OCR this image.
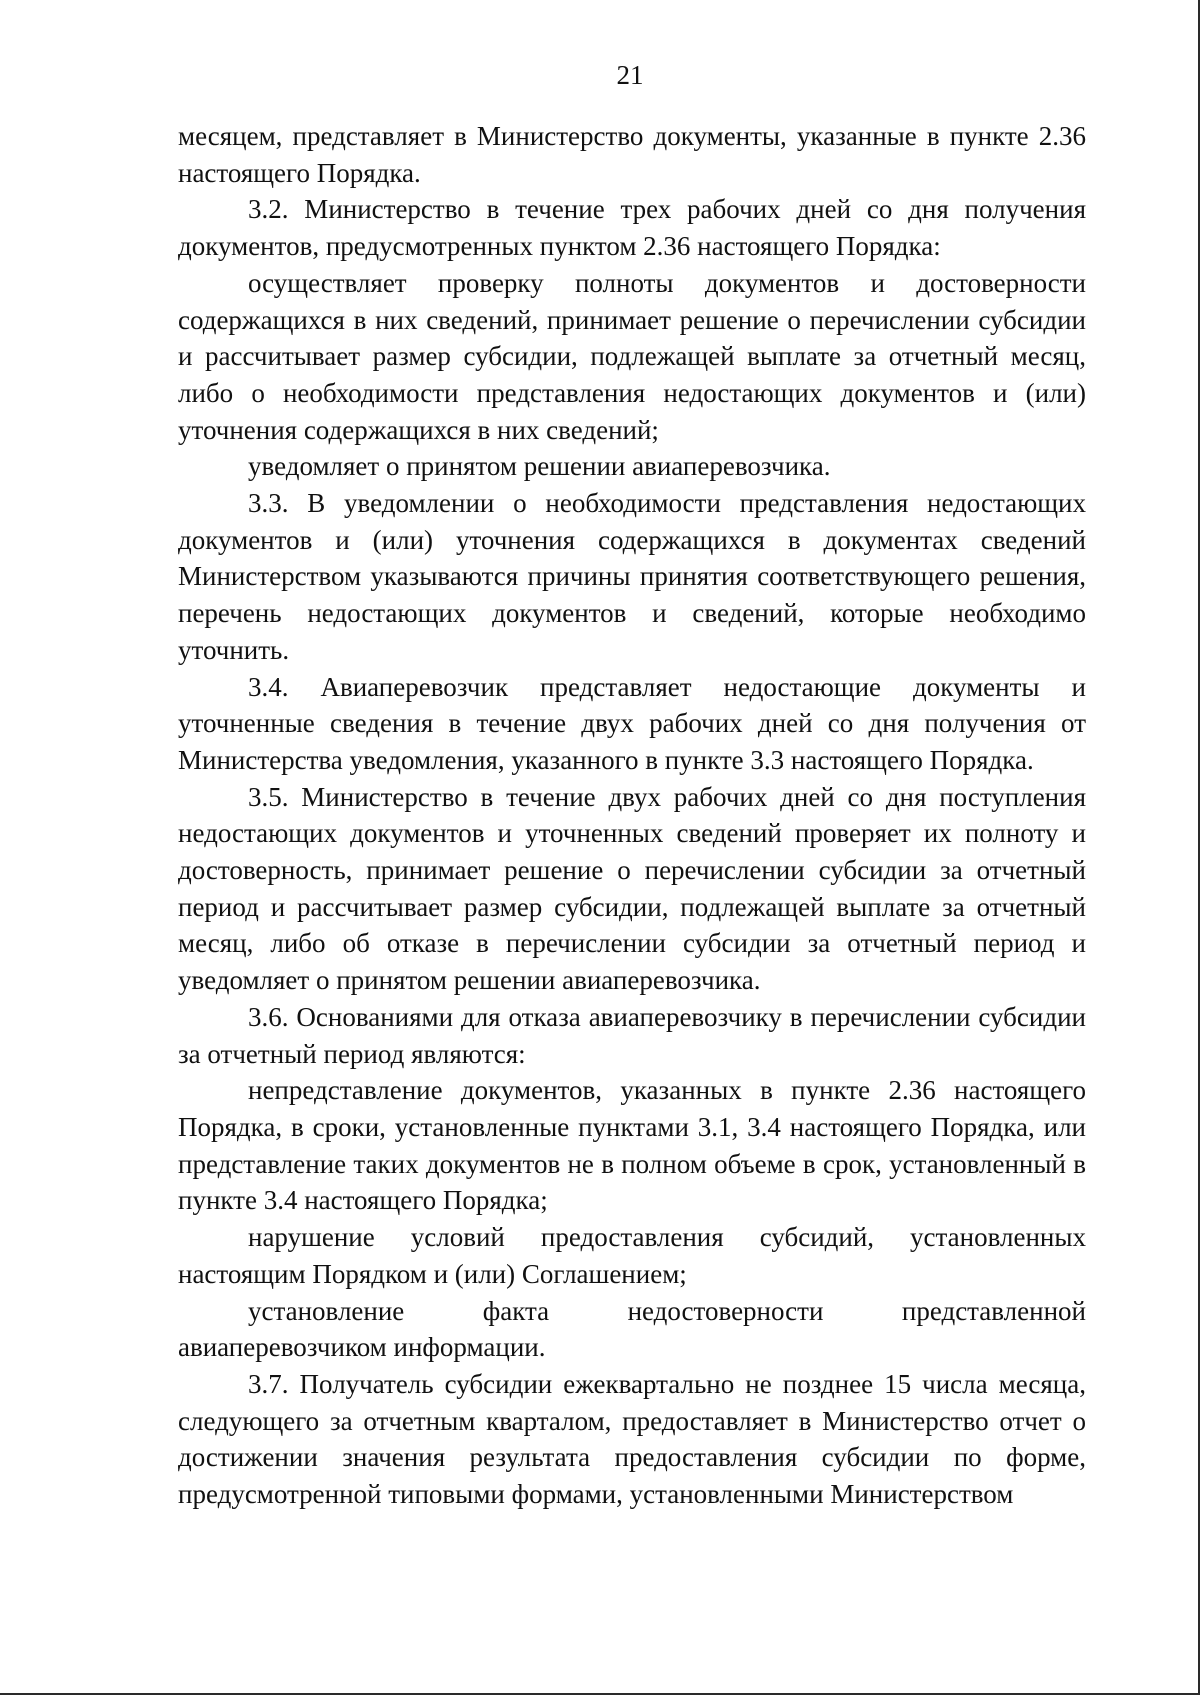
21

месяцем, представляет в Министерство документы, указанные в пункте 2.36 настоящего Порядка.

3.2. Министерство в течение трех рабочих дней со дня получения документов, предусмотренных пунктом 2.36 настоящего Порядка:

осуществляет проверку полноты документов и достоверности содержащихся в них сведений, принимает решение о перечислении субсидии и рассчитывает размер субсидии, подлежащей выплате за отчетный месяц, либо о необходимости представления недостающих документов и (или) уточнения содержащихся в них сведений;

уведомляет о принятом решении авиаперевозчика.

3.3. В уведомлении о необходимости представления недостающих документов и (или) уточнения содержащихся в документах сведений Министерством указываются причины принятия соответствующего решения, перечень недостающих документов и сведений, которые необходимо уточнить.

3.4. Авиаперевозчик представляет недостающие документы и уточненные сведения в течение двух рабочих дней со дня получения от Министерства уведомления, указанного в пункте 3.3 настоящего Порядка.

3.5. Министерство в течение двух рабочих дней со дня поступления недостающих документов и уточненных сведений проверяет их полноту и достоверность, принимает решение о перечислении субсидии за отчетный период и рассчитывает размер субсидии, подлежащей выплате за отчетный месяц, либо об отказе в перечислении субсидии за отчетный период и уведомляет о принятом решении авиаперевозчика.

3.6. Основаниями для отказа авиаперевозчику в перечислении субсидии за отчетный период являются:

непредставление документов, указанных в пункте 2.36 настоящего Порядка, в сроки, установленные пунктами 3.1, 3.4 настоящего Порядка, или представление таких документов не в полном объеме в срок, установленный в пункте 3.4 настоящего Порядка;

нарушение условий предоставления субсидий, установленных настоящим Порядком и (или) Соглашением;

установление факта недостоверности представленной авиаперевозчиком информации.

3.7. Получатель субсидии ежеквартально не позднее 15 числа месяца, следующего за отчетным кварталом, предоставляет в Министерство отчет о достижении значения результата предоставления субсидии по форме, предусмотренной типовыми формами, установленными Министерством
